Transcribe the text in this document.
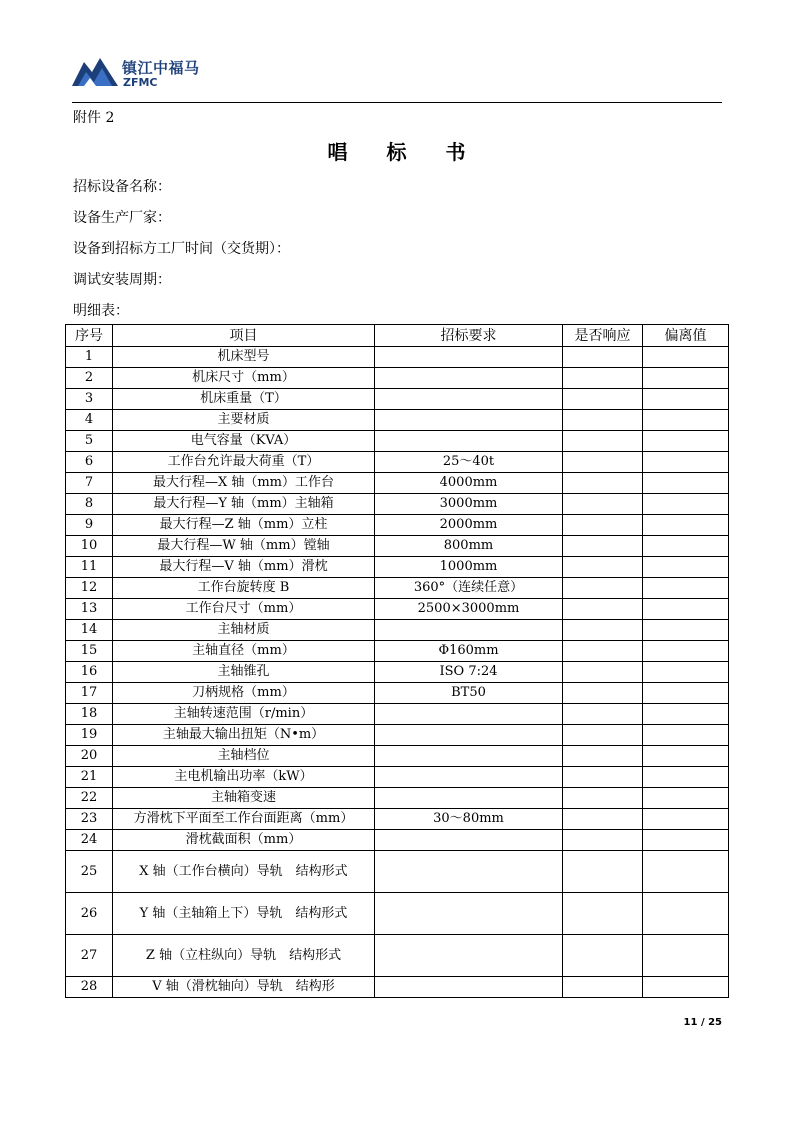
镇江中福马
ZFMC
附件 2
唱 标 书
招标设备名称：
设备生产厂家：
设备到招标方工厂时间（交货期）：
调试安装周期：
明细表：
序号	项目	招标要求	是否响应	偏离值
1	机床型号			
2	机床尺寸（mm）			
3	机床重量（T）			
4	主要材质			
5	电气容量（KVA）			
6	工作台允许最大荷重（T）	25～40t		
7	最大行程—X 轴（mm）工作台	4000mm		
8	最大行程—Y 轴（mm）主轴箱	3000mm		
9	最大行程—Z 轴（mm）立柱	2000mm		
10	最大行程—W 轴（mm）镗轴	800mm		
11	最大行程—V 轴（mm）滑枕	1000mm		
12	工作台旋转度 B	360°（连续任意）		
13	工作台尺寸（mm）	2500×3000mm		
14	主轴材质			
15	主轴直径（mm）	Φ160mm		
16	主轴锥孔	ISO 7:24		
17	刀柄规格（mm）	BT50		
18	主轴转速范围（r/min）			
19	主轴最大输出扭矩（N•m）			
20	主轴档位			
21	主电机输出功率（kW）			
22	主轴箱变速			
23	方滑枕下平面至工作台面距离（mm）	30～80mm		
24	滑枕截面积（mm）			
25	X 轴（工作台横向）导轨　结构形式			
26	Y 轴（主轴箱上下）导轨　结构形式			
27	Z 轴（立柱纵向）导轨　结构形式			
28	V 轴（滑枕轴向）导轨　结构形			
11 / 25
